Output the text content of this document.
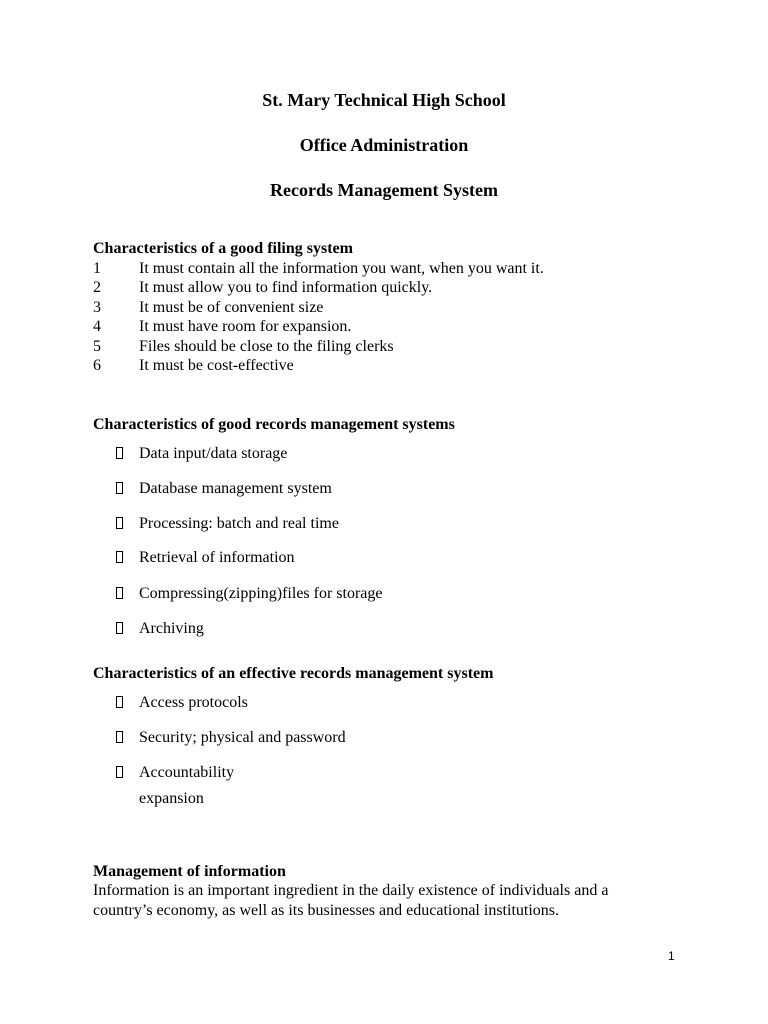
St. Mary Technical High School
Office Administration
Records Management System
Characteristics of a good filing system
1 It must contain all the information you want, when you want it.
2 It must allow you to find information quickly.
3 It must be of convenient size
4 It must have room for expansion.
5 Files should be close to the filing clerks
6 It must be cost-effective
Characteristics of good records management systems
Data input/data storage
Database management system
Processing: batch and real time
Retrieval of information
Compressing(zipping)files for storage
Archiving
Characteristics of an effective records management system
Access protocols
Security; physical and password
Accountability
expansion
Management of information
Information is an important ingredient in the daily existence of individuals and a
country’s economy, as well as its businesses and educational institutions.
1
